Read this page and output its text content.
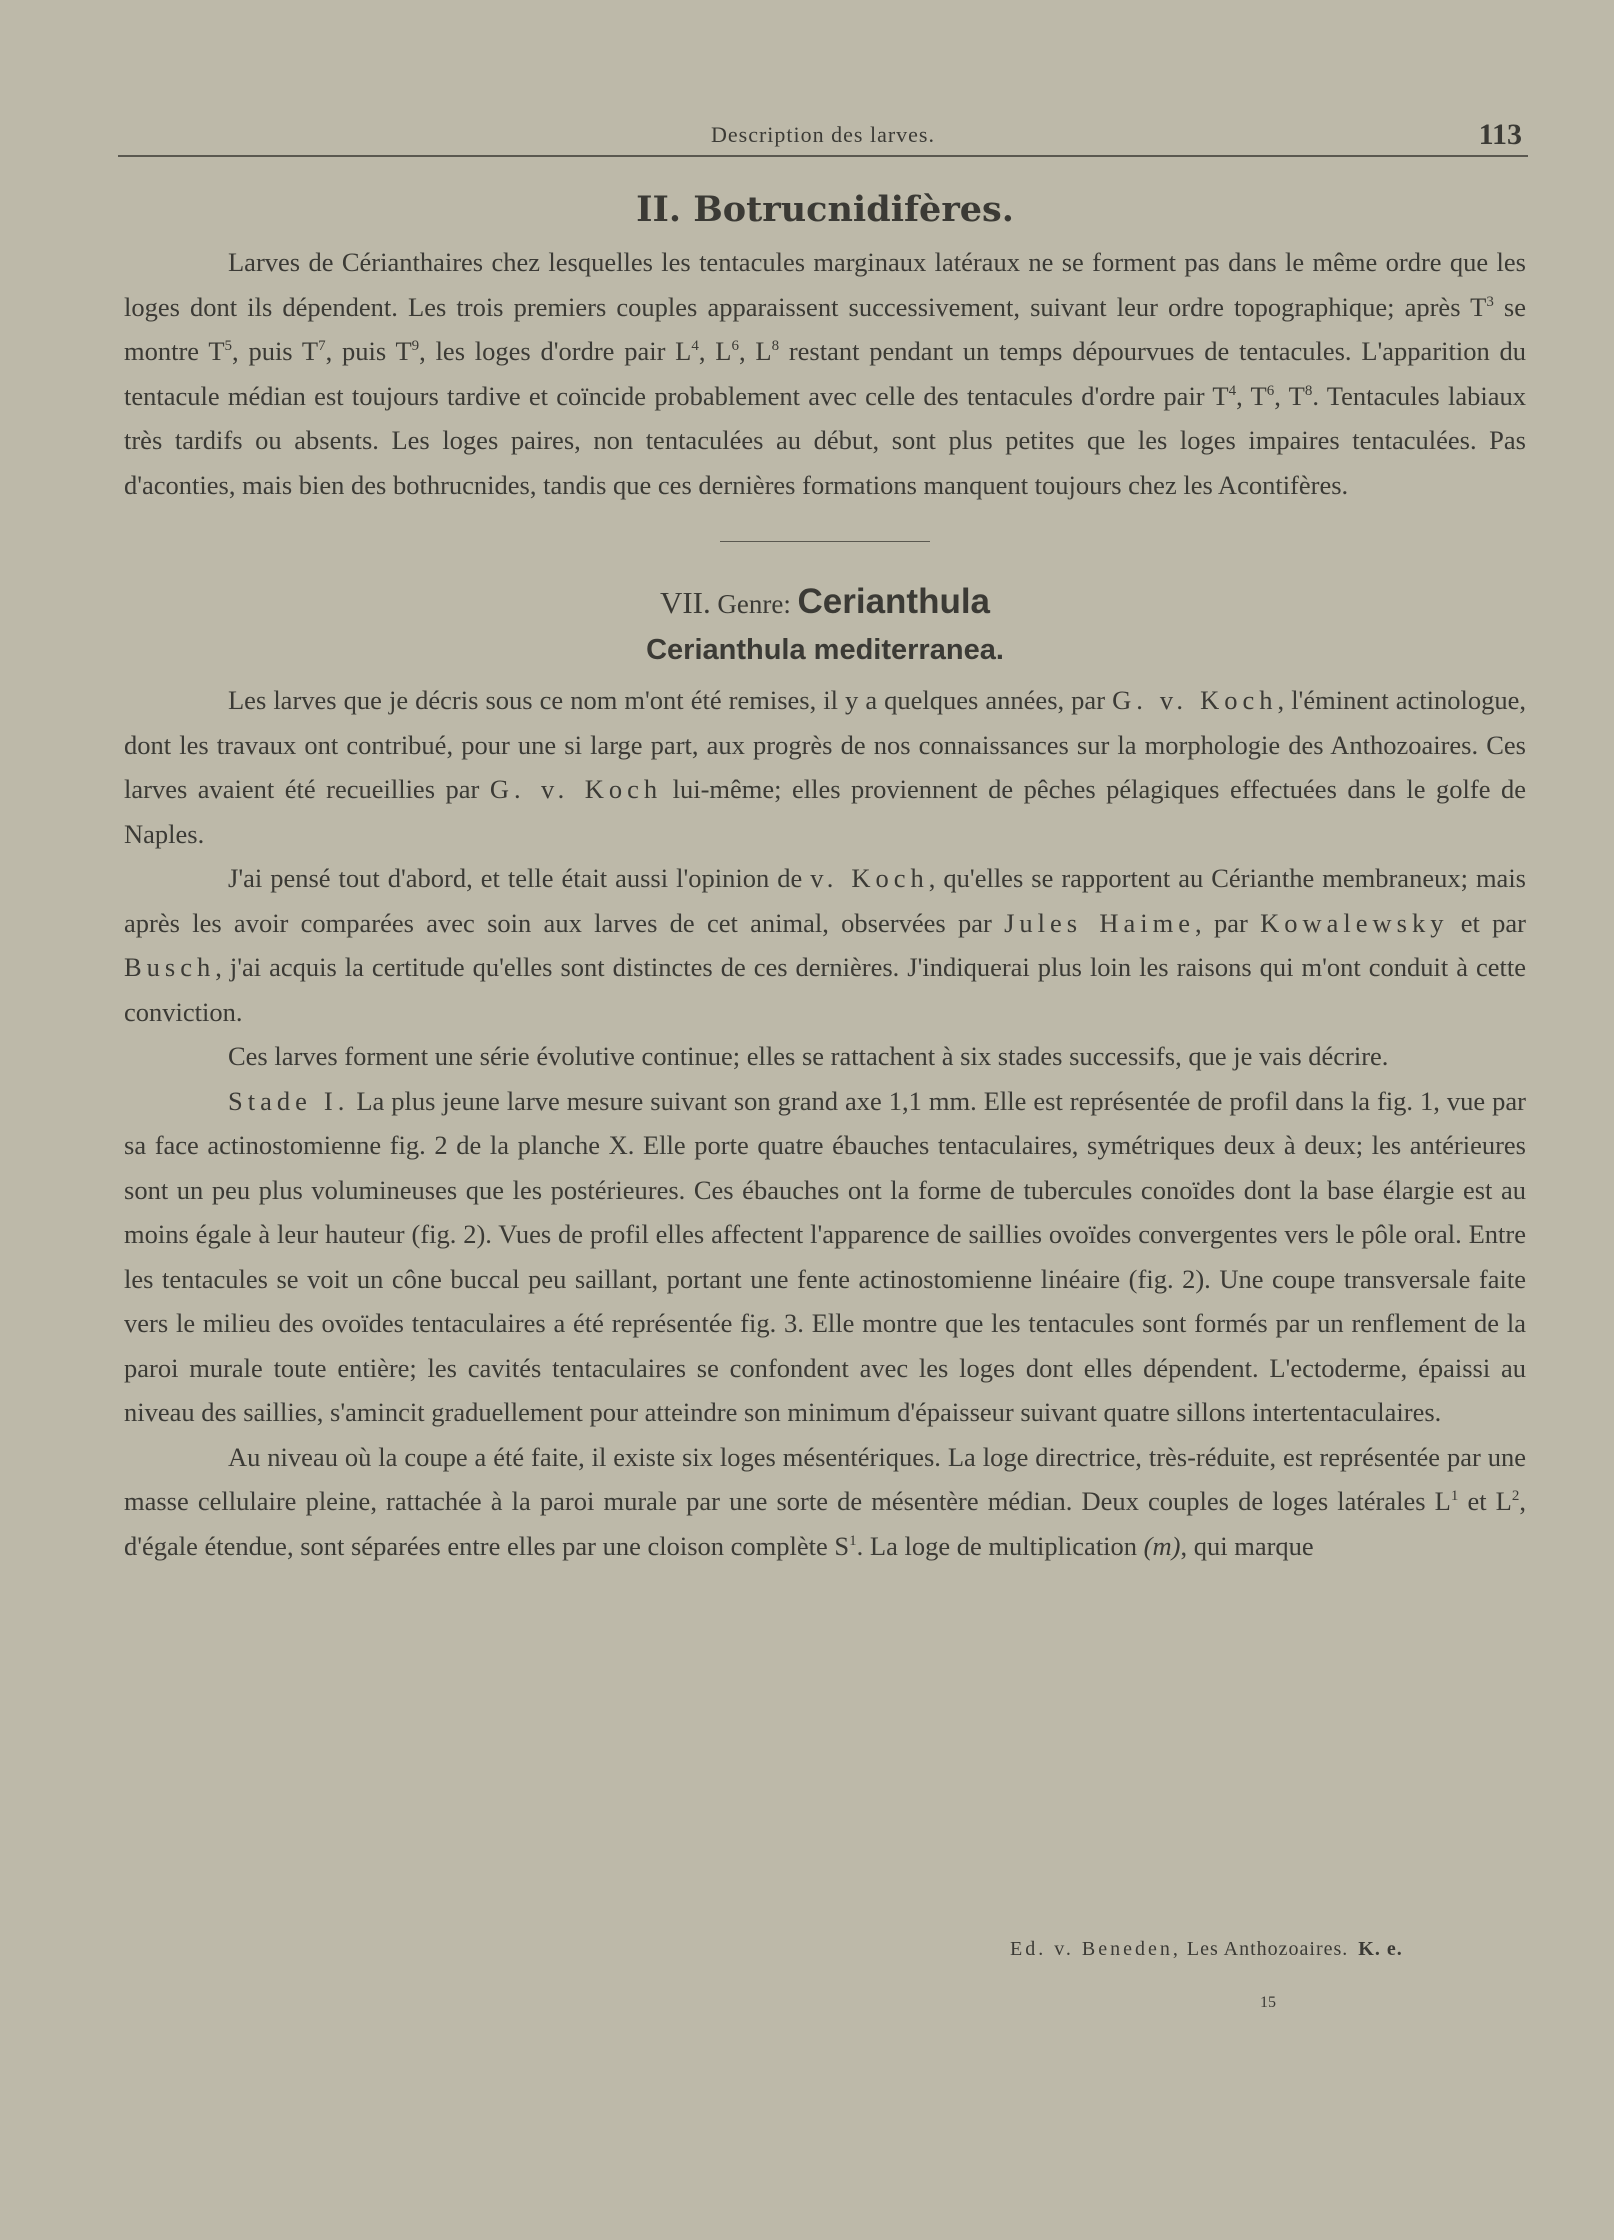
Description des larves.	113
II. Botrucnidifères.

Larves de Cérianthaires chez lesquelles les tentacules marginaux latéraux ne se forment pas dans le même ordre que les loges dont ils dépendent. Les trois premiers couples apparaissent successivement, suivant leur ordre topographique; après $T^3$ se montre $T^5$, puis $T^7$, puis $T^9$, les loges d'ordre pair $L^4$, $L^6$, $L^8$ restant pendant un temps dépourvues de tentacules. L'apparition du tentacule médian est toujours tardive et coïncide probablement avec celle des tentacules d'ordre pair $T^4$, $T^6$, $T^8$. Tentacules labiaux très tardifs ou absents. Les loges paires, non tentaculées au début, sont plus petites que les loges impaires tentaculées. Pas d'aconties, mais bien des bothrucnides, tandis que ces dernières formations manquent toujours chez les Acontifères.

VII. Genre: Cerianthula
Cerianthula mediterranea.

Les larves que je décris sous ce nom m'ont été remises, il y a quelques années, par G. v. Koch, l'éminent actinologue, dont les travaux ont contribué, pour une si large part, aux progrès de nos connaissances sur la morphologie des Anthozoaires. Ces larves avaient été recueillies par G. v. Koch lui-même; elles proviennent de pêches pélagiques effectuées dans le golfe de Naples.

J'ai pensé tout d'abord, et telle était aussi l'opinion de v. Koch, qu'elles se rapportent au Cérianthe membraneux; mais après les avoir comparées avec soin aux larves de cet animal, observées par Jules Haime, par Kowalewsky et par Busch, j'ai acquis la certitude qu'elles sont distinctes de ces dernières. J'indiquerai plus loin les raisons qui m'ont conduit à cette conviction.

Ces larves forment une série évolutive continue; elles se rattachent à six stades successifs, que je vais décrire.

Stade I. La plus jeune larve mesure suivant son grand axe 1,1 mm. Elle est représentée de profil dans la fig. 1, vue par sa face actinostomienne fig. 2 de la planche X. Elle porte quatre ébauches tentaculaires, symétriques deux à deux; les antérieures sont un peu plus volumineuses que les postérieures. Ces ébauches ont la forme de tubercules conoïdes dont la base élargie est au moins égale à leur hauteur (fig. 2). Vues de profil elles affectent l'apparence de saillies ovoïdes convergentes vers le pôle oral. Entre les tentacules se voit un cône buccal peu saillant, portant une fente actinostomienne linéaire (fig. 2). Une coupe transversale faite vers le milieu des ovoïdes tentaculaires a été représentée fig. 3. Elle montre que les tentacules sont formés par un renflement de la paroi murale toute entière; les cavités tentaculaires se confondent avec les loges dont elles dépendent. L'ectoderme, épaissi au niveau des saillies, s'amincit graduellement pour atteindre son minimum d'épaisseur suivant quatre sillons intertentaculaires.

Au niveau où la coupe a été faite, il existe six loges mésentériques. La loge directrice, très-réduite, est représentée par une masse cellulaire pleine, rattachée à la paroi murale par une sorte de mésentère médian. Deux couples de loges latérales $L^1$ et $L^2$, d'égale étendue, sont séparées entre elles par une cloison complète $S^1$. La loge de multiplication (m), qui marque

Ed. v. Beneden, Les Anthozoaires. K. e.
15
